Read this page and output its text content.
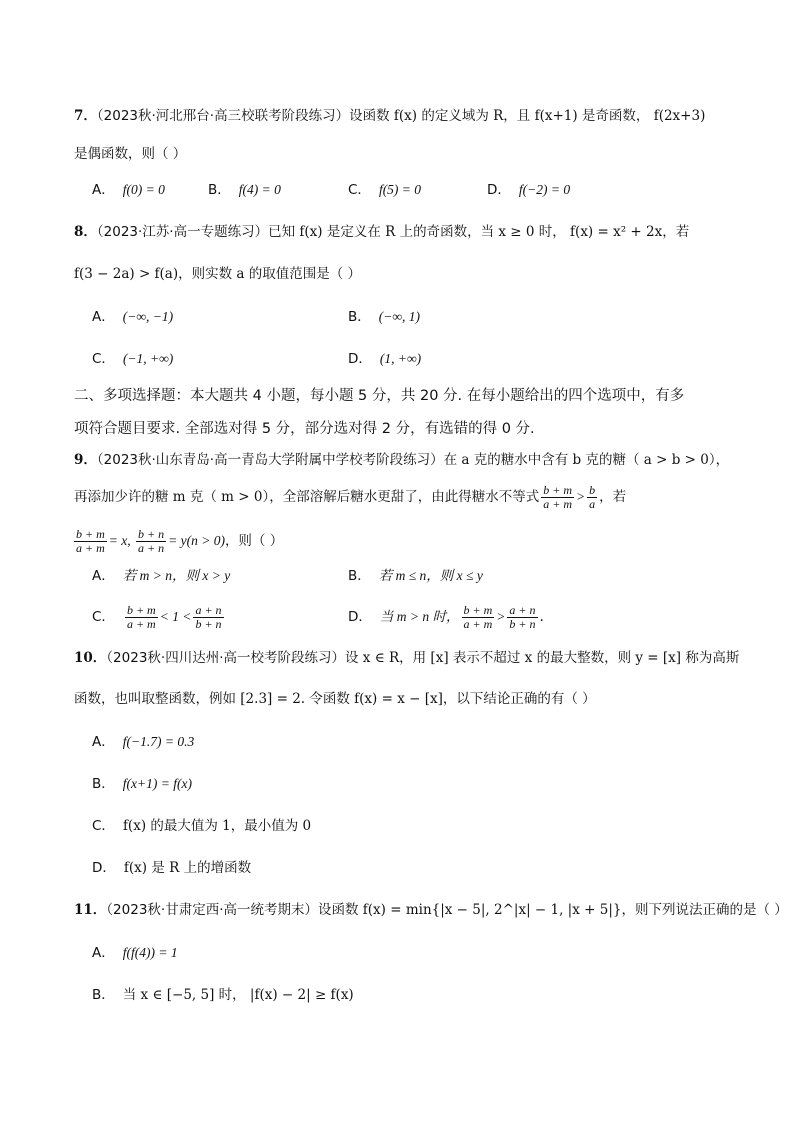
7．（2023秋·河北邢台·高三校联考阶段练习）设函数 f(x) 的定义域为 R，且 f(x+1) 是奇函数， f(2x+3)
是偶函数，则（ ）
A． f(0) = 0	B． f(4) = 0	C． f(5) = 0	D． f(−2) = 0
8．（2023·江苏·高一专题练习）已知 f(x) 是定义在 R 上的奇函数，当 x ≥ 0 时， f(x) = x² + 2x，若
f(3 − 2a) > f(a)，则实数 a 的取值范围是（ ）
A． (−∞, −1)	B． (−∞, 1)
C． (−1, +∞)	D． (1, +∞)
二、多项选择题：本大题共 4 小题，每小题 5 分，共 20 分. 在每小题给出的四个选项中，有多
项符合题目要求. 全部选对得 5 分，部分选对得 2 分，有选错的得 0 分.
9．（2023秋·山东青岛·高一青岛大学附属中学校考阶段练习）在 a 克的糖水中含有 b 克的糖（ a > b > 0），
再添加少许的糖 m 克（ m > 0），全部溶解后糖水更甜了，由此得糖水不等式 $\frac{b + m}{a + m} > \frac{b}{a}$ ，若
$\frac{b + m}{a + m} = x$, $\frac{b + n}{a + n} = y(n > 0)$，则（ ）
A． 若 m > n，则 x > y	B． 若 m ≤ n，则 x ≤ y
C． $\frac{b + m}{a + m} < 1 < \frac{a + n}{b + n}$	D． 当 m > n 时， $\frac{b + m}{a + m} > \frac{a + n}{b + n}$ .
10．（2023秋·四川达州·高一校考阶段练习）设 x ∈ R，用 [x] 表示不超过 x 的最大整数，则 y = [x] 称为高斯
函数，也叫取整函数，例如 [2.3] = 2. 令函数 f(x) = x − [x]，以下结论正确的有（ ）
A． f(−1.7) = 0.3
B． f(x+1) = f(x)
C． f(x) 的最大值为 1，最小值为 0
D． f(x) 是 R 上的增函数
11．（2023秋·甘肃定西·高一统考期末）设函数 f(x) = min{|x − 5|, 2^|x| − 1, |x + 5|}，则下列说法正确的是（ ）
A． f(f(4)) = 1
B． 当 x ∈ [−5, 5] 时， |f(x) − 2| ≥ f(x)
